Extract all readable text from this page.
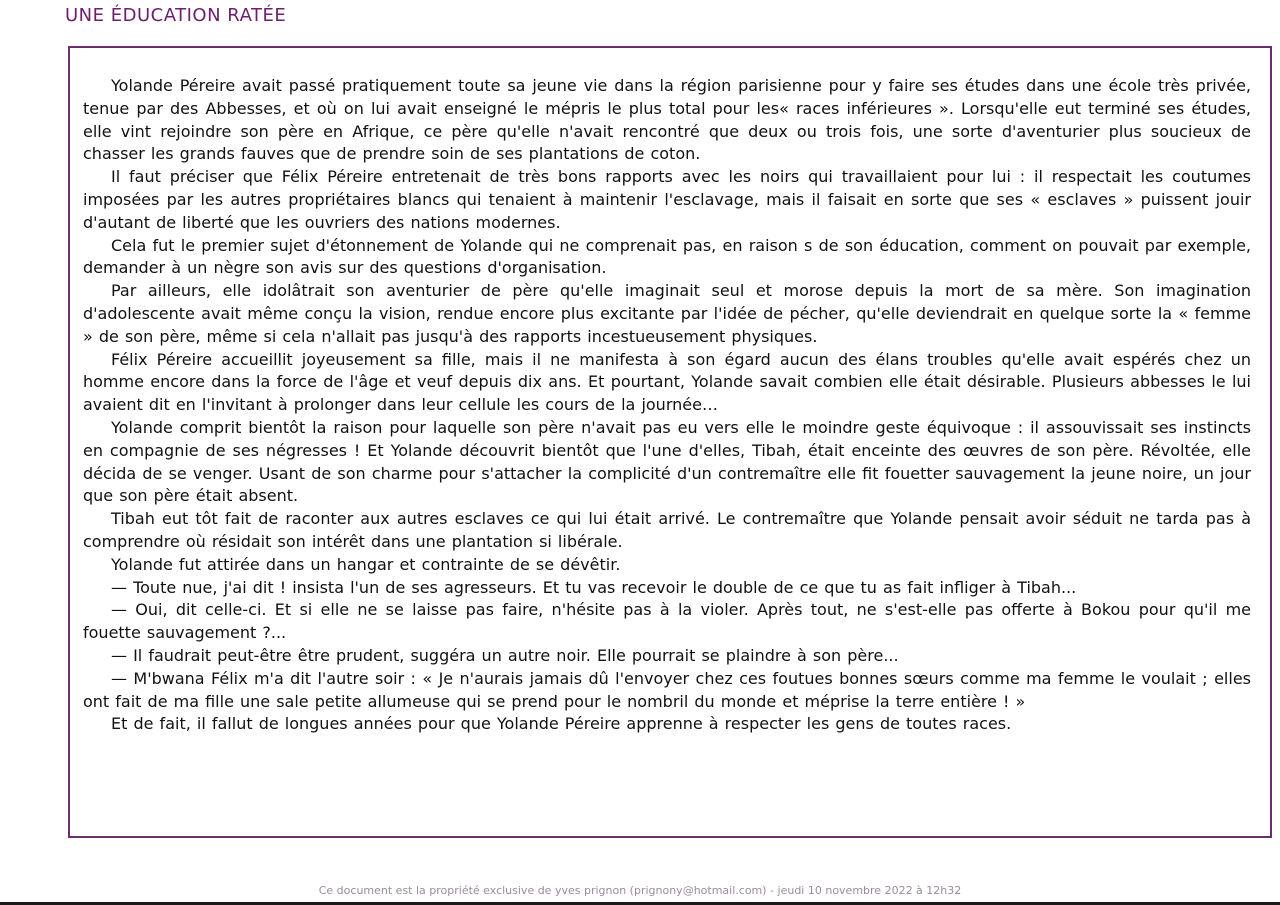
UNE ÉDUCATION RATÉE

Yolande Péreire avait passé pratiquement toute sa jeune vie dans la région parisienne pour y faire ses études dans une école très privée, tenue par des Abbesses, et où on lui avait enseigné le mépris le plus total pour les« races inférieures ». Lorsqu'elle eut terminé ses études, elle vint rejoindre son père en Afrique, ce père qu'elle n'avait rencontré que deux ou trois fois, une sorte d'aventurier plus soucieux de chasser les grands fauves que de prendre soin de ses plantations de coton.

Il faut préciser que Félix Péreire entretenait de très bons rapports avec les noirs qui travaillaient pour lui : il respectait les coutumes imposées par les autres propriétaires blancs qui tenaient à maintenir l'esclavage, mais il faisait en sorte que ses « esclaves » puissent jouir d'autant de liberté que les ouvriers des nations modernes.

Cela fut le premier sujet d'étonnement de Yolande qui ne comprenait pas, en raison s de son éducation, comment on pouvait par exemple, demander à un nègre son avis sur des questions d'organisation.

Par ailleurs, elle idolâtrait son aventurier de père qu'elle imaginait seul et morose depuis la mort de sa mère. Son imagination d'adolescente avait même conçu la vision, rendue encore plus excitante par l'idée de pécher, qu'elle deviendrait en quelque sorte la « femme » de son père, même si cela n'allait pas jusqu'à des rapports incestueusement physiques.

Félix Péreire accueillit joyeusement sa fille, mais il ne manifesta à son égard aucun des élans troubles qu'elle avait espérés chez un homme encore dans la force de l'âge et veuf depuis dix ans. Et pourtant, Yolande savait combien elle était désirable. Plusieurs abbesses le lui avaient dit en l'invitant à prolonger dans leur cellule les cours de la journée…

Yolande comprit bientôt la raison pour laquelle son père n'avait pas eu vers elle le moindre geste équivoque : il assouvissait ses instincts en compagnie de ses négresses ! Et Yolande découvrit bientôt que l'une d'elles, Tibah, était enceinte des œuvres de son père. Révoltée, elle décida de se venger. Usant de son charme pour s'attacher la complicité d'un contremaître elle fit fouetter sauvagement la jeune noire, un jour que son père était absent.

Tibah eut tôt fait de raconter aux autres esclaves ce qui lui était arrivé. Le contremaître que Yolande pensait avoir séduit ne tarda pas à comprendre où résidait son intérêt dans une plantation si libérale.

Yolande fut attirée dans un hangar et contrainte de se dévêtir.

— Toute nue, j'ai dit ! insista l'un de ses agresseurs. Et tu vas recevoir le double de ce que tu as fait infliger à Tibah...

— Oui, dit celle-ci. Et si elle ne se laisse pas faire, n'hésite pas à la violer. Après tout, ne s'est-elle pas offerte à Bokou pour qu'il me fouette sauvagement ?...

— Il faudrait peut-être être prudent, suggéra un autre noir. Elle pourrait se plaindre à son père...

— M'bwana Félix m'a dit l'autre soir : « Je n'aurais jamais dû l'envoyer chez ces foutues bonnes sœurs comme ma femme le voulait ; elles ont fait de ma fille une sale petite allumeuse qui se prend pour le nombril du monde et méprise la terre entière ! »

Et de fait, il fallut de longues années pour que Yolande Péreire apprenne à respecter les gens de toutes races.

Ce document est la propriété exclusive de yves prignon (prignony@hotmail.com) - jeudi 10 novembre 2022 à 12h32
